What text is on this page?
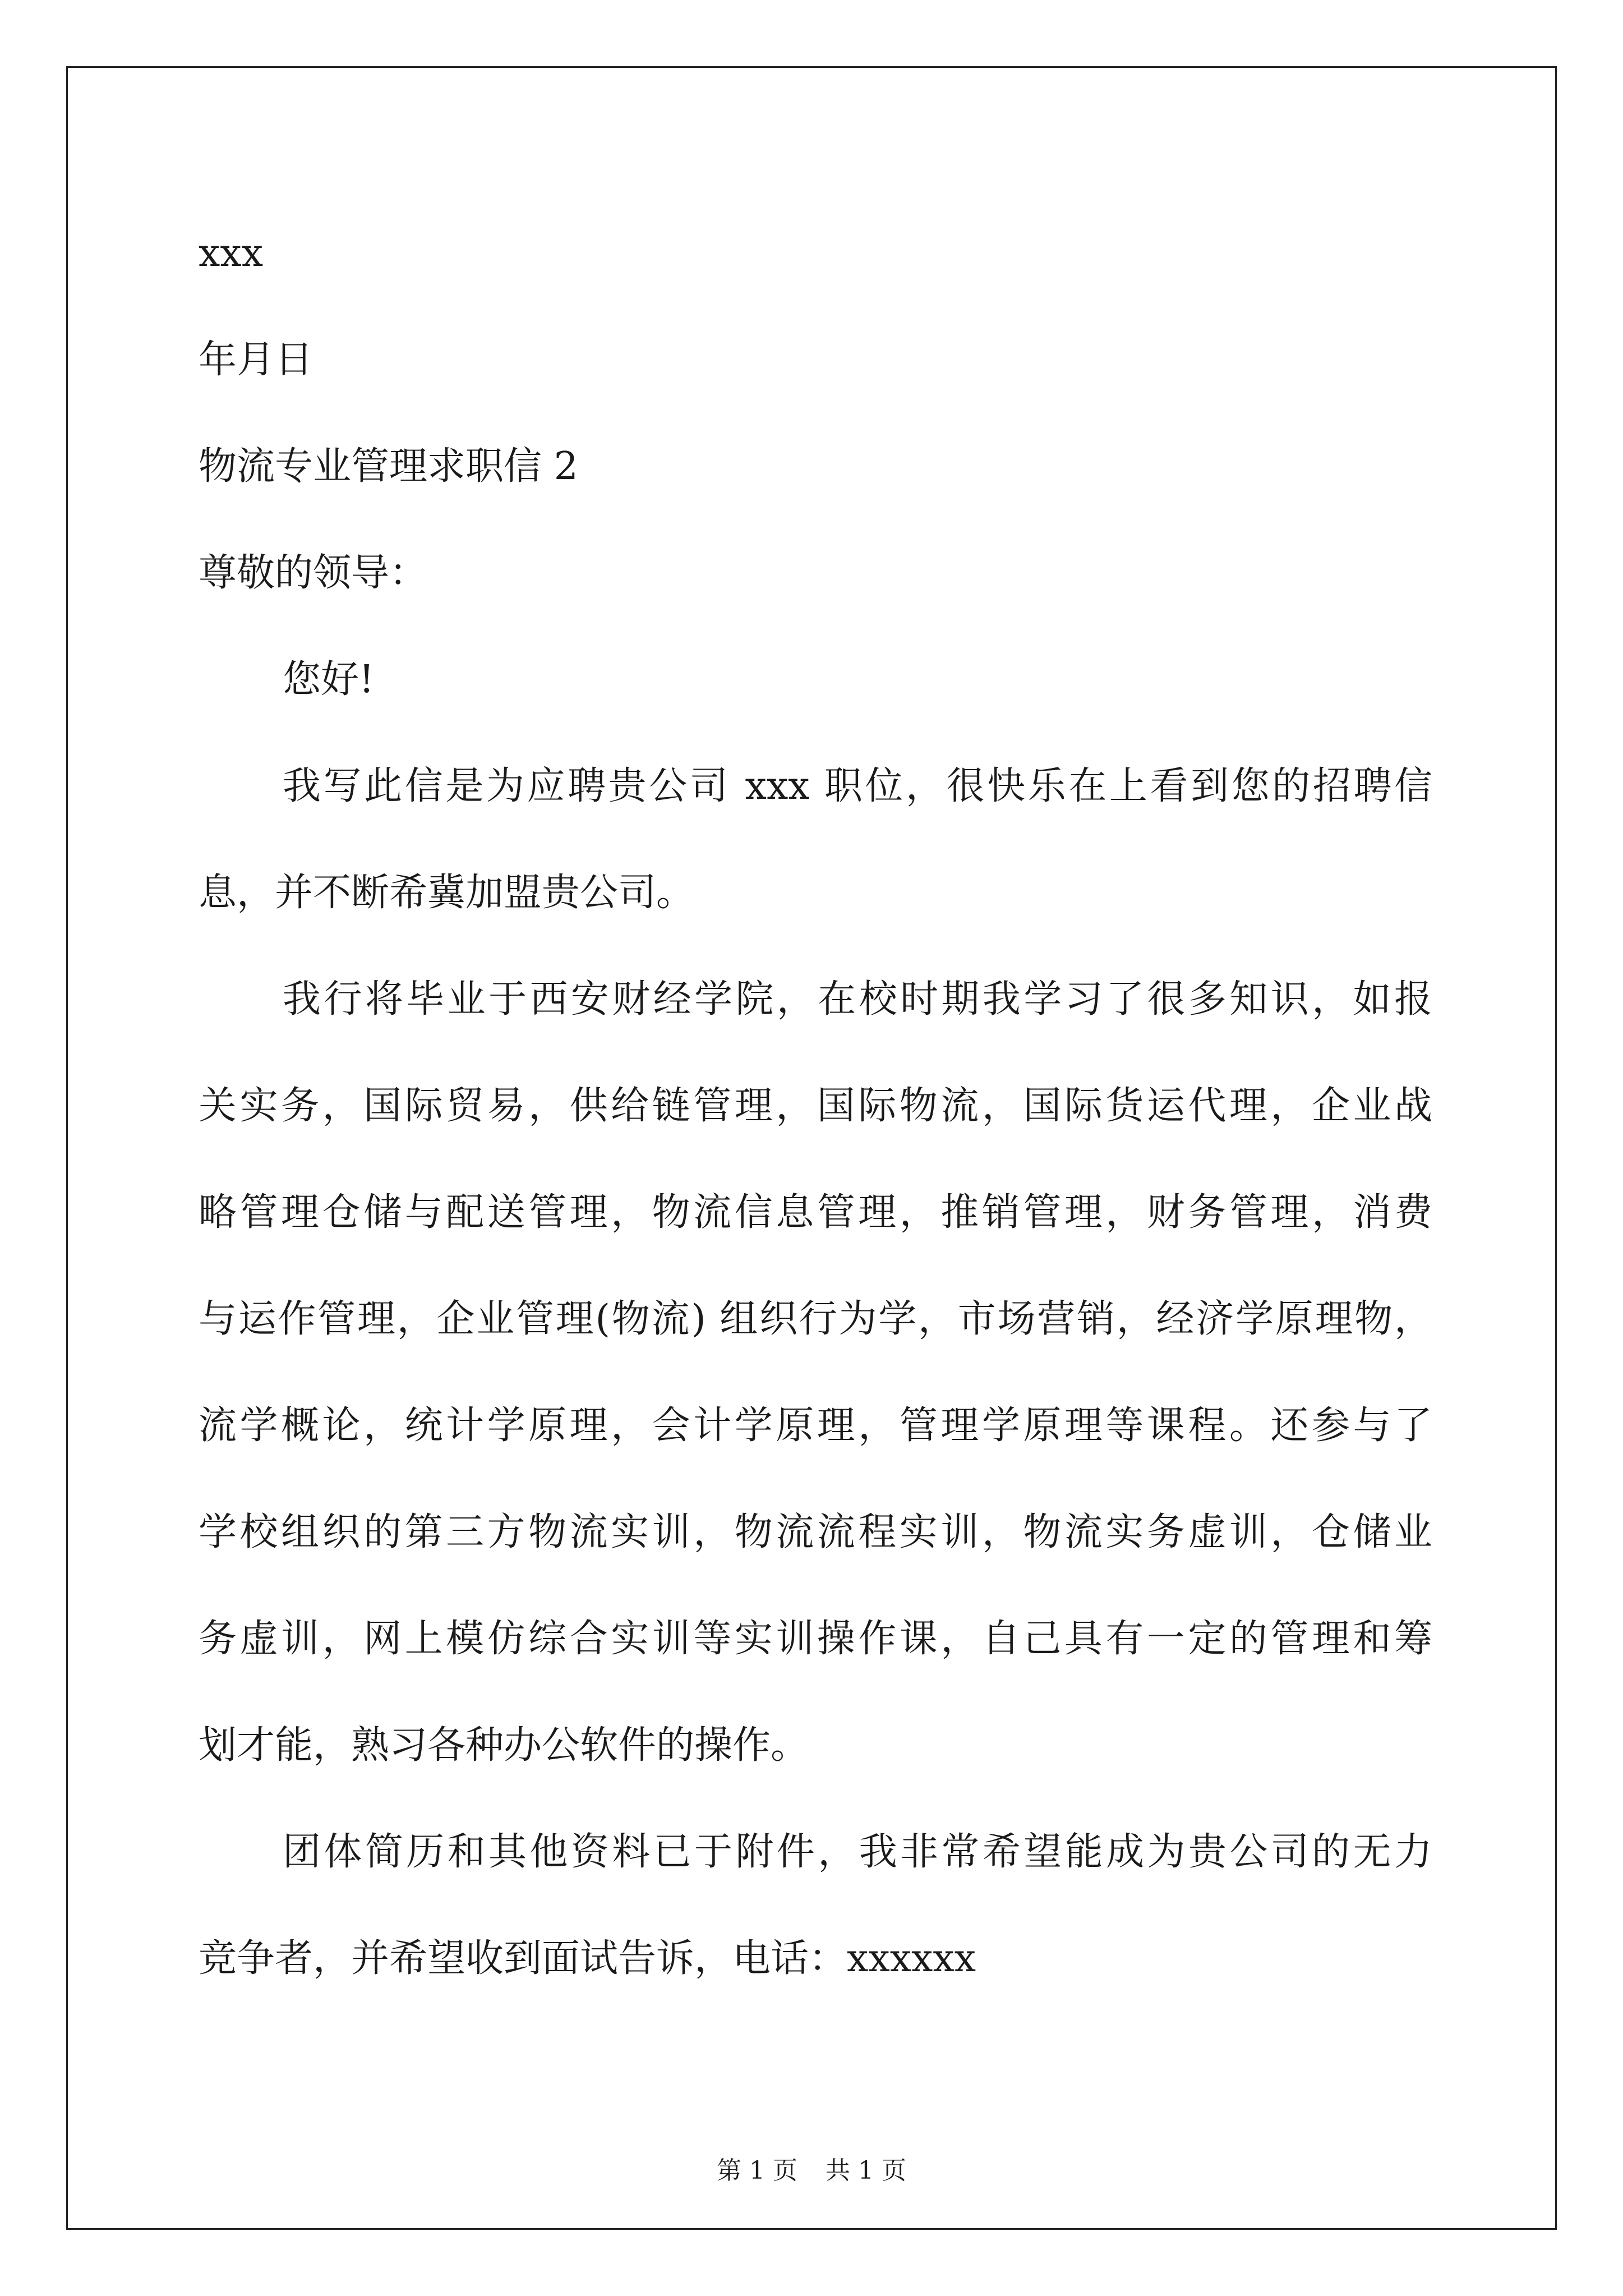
xxx
年月日
物流专业管理求职信 2
尊敬的领导：
您好!
我写此信是为应聘贵公司 xxx 职位，很快乐在上看到您的招聘信
息，并不断希冀加盟贵公司。
我行将毕业于西安财经学院，在校时期我学习了很多知识，如报
关实务，国际贸易，供给链管理，国际物流，国际货运代理，企业战
略管理仓储与配送管理，物流信息管理，推销管理，财务管理，消费
与运作管理，企业管理(物流) 组织行为学，市场营销，经济学原理物，
流学概论，统计学原理，会计学原理，管理学原理等课程。还参与了
学校组织的第三方物流实训，物流流程实训，物流实务虚训，仓储业
务虚训，网上模仿综合实训等实训操作课，自己具有一定的管理和筹
划才能，熟习各种办公软件的操作。
团体简历和其他资料已于附件，我非常希望能成为贵公司的无力
竞争者，并希望收到面试告诉，电话：xxxxxx
第 1 页 共 1 页
